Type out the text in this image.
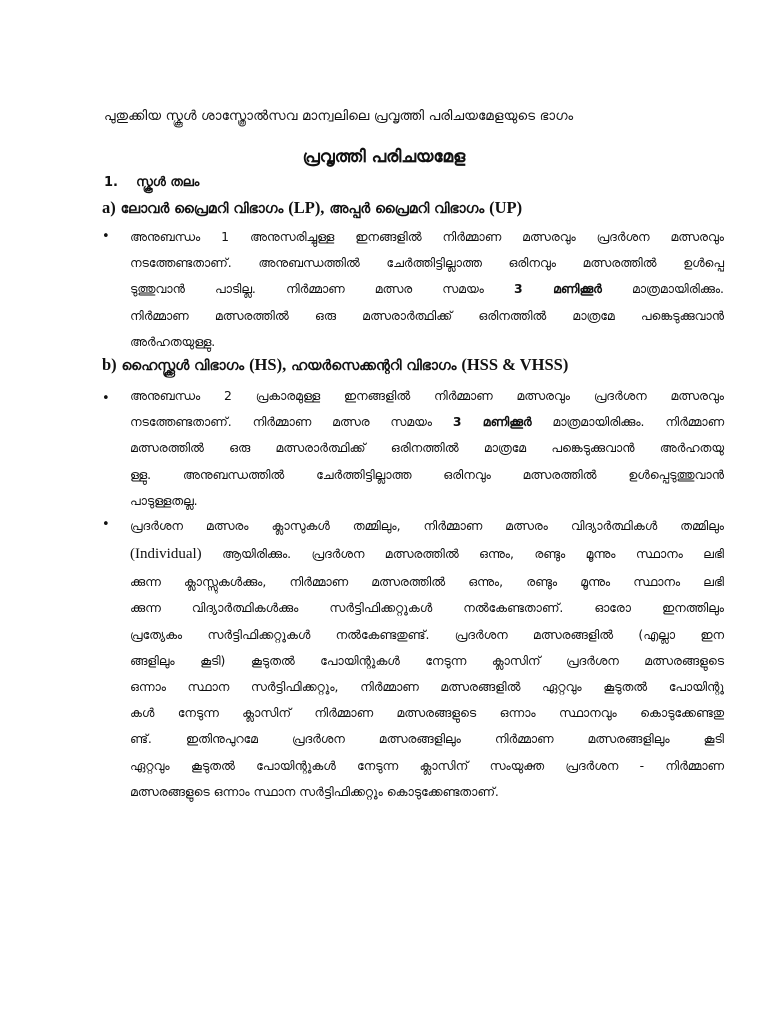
പുതുക്കിയ സ്കൂൾ ശാസ്ത്രോൽസവ മാന്വലിലെ പ്രവൃത്തി പരിചയമേളയുടെ ഭാഗം
പ്രവൃത്തി പരിചയമേള
1. സ്കൂൾ തലം
a) ലോവർ പ്രൈമറി വിഭാഗം (LP), അപ്പർ പ്രൈമറി വിഭാഗം (UP)
• അനുബന്ധം 1 അനുസരിച്ചുള്ള ഇനങ്ങളിൽ നിർമ്മാണ മത്സരവും പ്രദർശന മത്സരവും
നടത്തേണ്ടതാണ്. അനുബന്ധത്തിൽ ചേർത്തിട്ടില്ലാത്ത ഒരിനവും മത്സരത്തിൽ ഉൾപ്പെ
ടുത്തുവാൻ പാടില്ല. നിർമ്മാണ മത്സര സമയം 3 മണിക്കൂർ മാത്രമായിരിക്കും.
നിർമ്മാണ മത്സരത്തിൽ ഒരു മത്സരാർത്ഥിക്ക് ഒരിനത്തിൽ മാത്രമേ പങ്കെടുക്കുവാൻ
അർഹതയുള്ളു.
b) ഹൈസ്ക്കൂൾ വിഭാഗം (HS), ഹയർസെക്കന്ററി വിഭാഗം (HSS & VHSS)
• അനുബന്ധം 2 പ്രകാരമുള്ള ഇനങ്ങളിൽ നിർമ്മാണ മത്സരവും പ്രദർശന മത്സരവും
നടത്തേണ്ടതാണ്. നിർമ്മാണ മത്സര സമയം 3 മണിക്കൂർ മാത്രമായിരിക്കും. നിർമ്മാണ
മത്സരത്തിൽ ഒരു മത്സരാർത്ഥിക്ക് ഒരിനത്തിൽ മാത്രമേ പങ്കെടുക്കുവാൻ അർഹതയു
ള്ളു. അനുബന്ധത്തിൽ ചേർത്തിട്ടില്ലാത്ത ഒരിനവും മത്സരത്തിൽ ഉൾപ്പെടുത്തുവാൻ
പാടുള്ളതല്ല.
• പ്രദർശന മത്സരം ക്ലാസുകൾ തമ്മിലും, നിർമ്മാണ മത്സരം വിദ്യാർത്ഥികൾ തമ്മിലും
(Individual) ആയിരിക്കും. പ്രദർശന മത്സരത്തിൽ ഒന്നും, രണ്ടും മൂന്നും സ്ഥാനം ലഭി
ക്കുന്ന ക്ലാസ്സുകൾക്കും, നിർമ്മാണ മത്സരത്തിൽ ഒന്നും, രണ്ടും മൂന്നും സ്ഥാനം ലഭി
ക്കുന്ന വിദ്യാർത്ഥികൾക്കും സർട്ടിഫിക്കറ്റുകൾ നൽകേണ്ടതാണ്. ഓരോ ഇനത്തിലും
പ്രത്യേകം സർട്ടിഫിക്കറ്റുകൾ നൽകേണ്ടതുണ്ട്. പ്രദർശന മത്സരങ്ങളിൽ (എല്ലാ ഇന
ങ്ങളിലും കൂടി) കൂടുതൽ പോയിന്റുകൾ നേടുന്ന ക്ലാസിന് പ്രദർശന മത്സരങ്ങളുടെ
ഒന്നാം സ്ഥാന സർട്ടിഫിക്കറ്റും, നിർമ്മാണ മത്സരങ്ങളിൽ ഏറ്റവും കൂടുതൽ പോയിന്റു
കൾ നേടുന്ന ക്ലാസിന് നിർമ്മാണ മത്സരങ്ങളുടെ ഒന്നാം സ്ഥാനവും കൊടുക്കേണ്ടതു
ണ്ട്. ഇതിനുപുറമേ പ്രദർശന മത്സരങ്ങളിലും നിർമ്മാണ മത്സരങ്ങളിലും കൂടി
ഏറ്റവും കൂടുതൽ പോയിന്റുകൾ നേടുന്ന ക്ലാസിന് സംയുക്ത പ്രദർശന - നിർമ്മാണ
മത്സരങ്ങളുടെ ഒന്നാം സ്ഥാന സർട്ടിഫിക്കറ്റും കൊടുക്കേണ്ടതാണ്.
